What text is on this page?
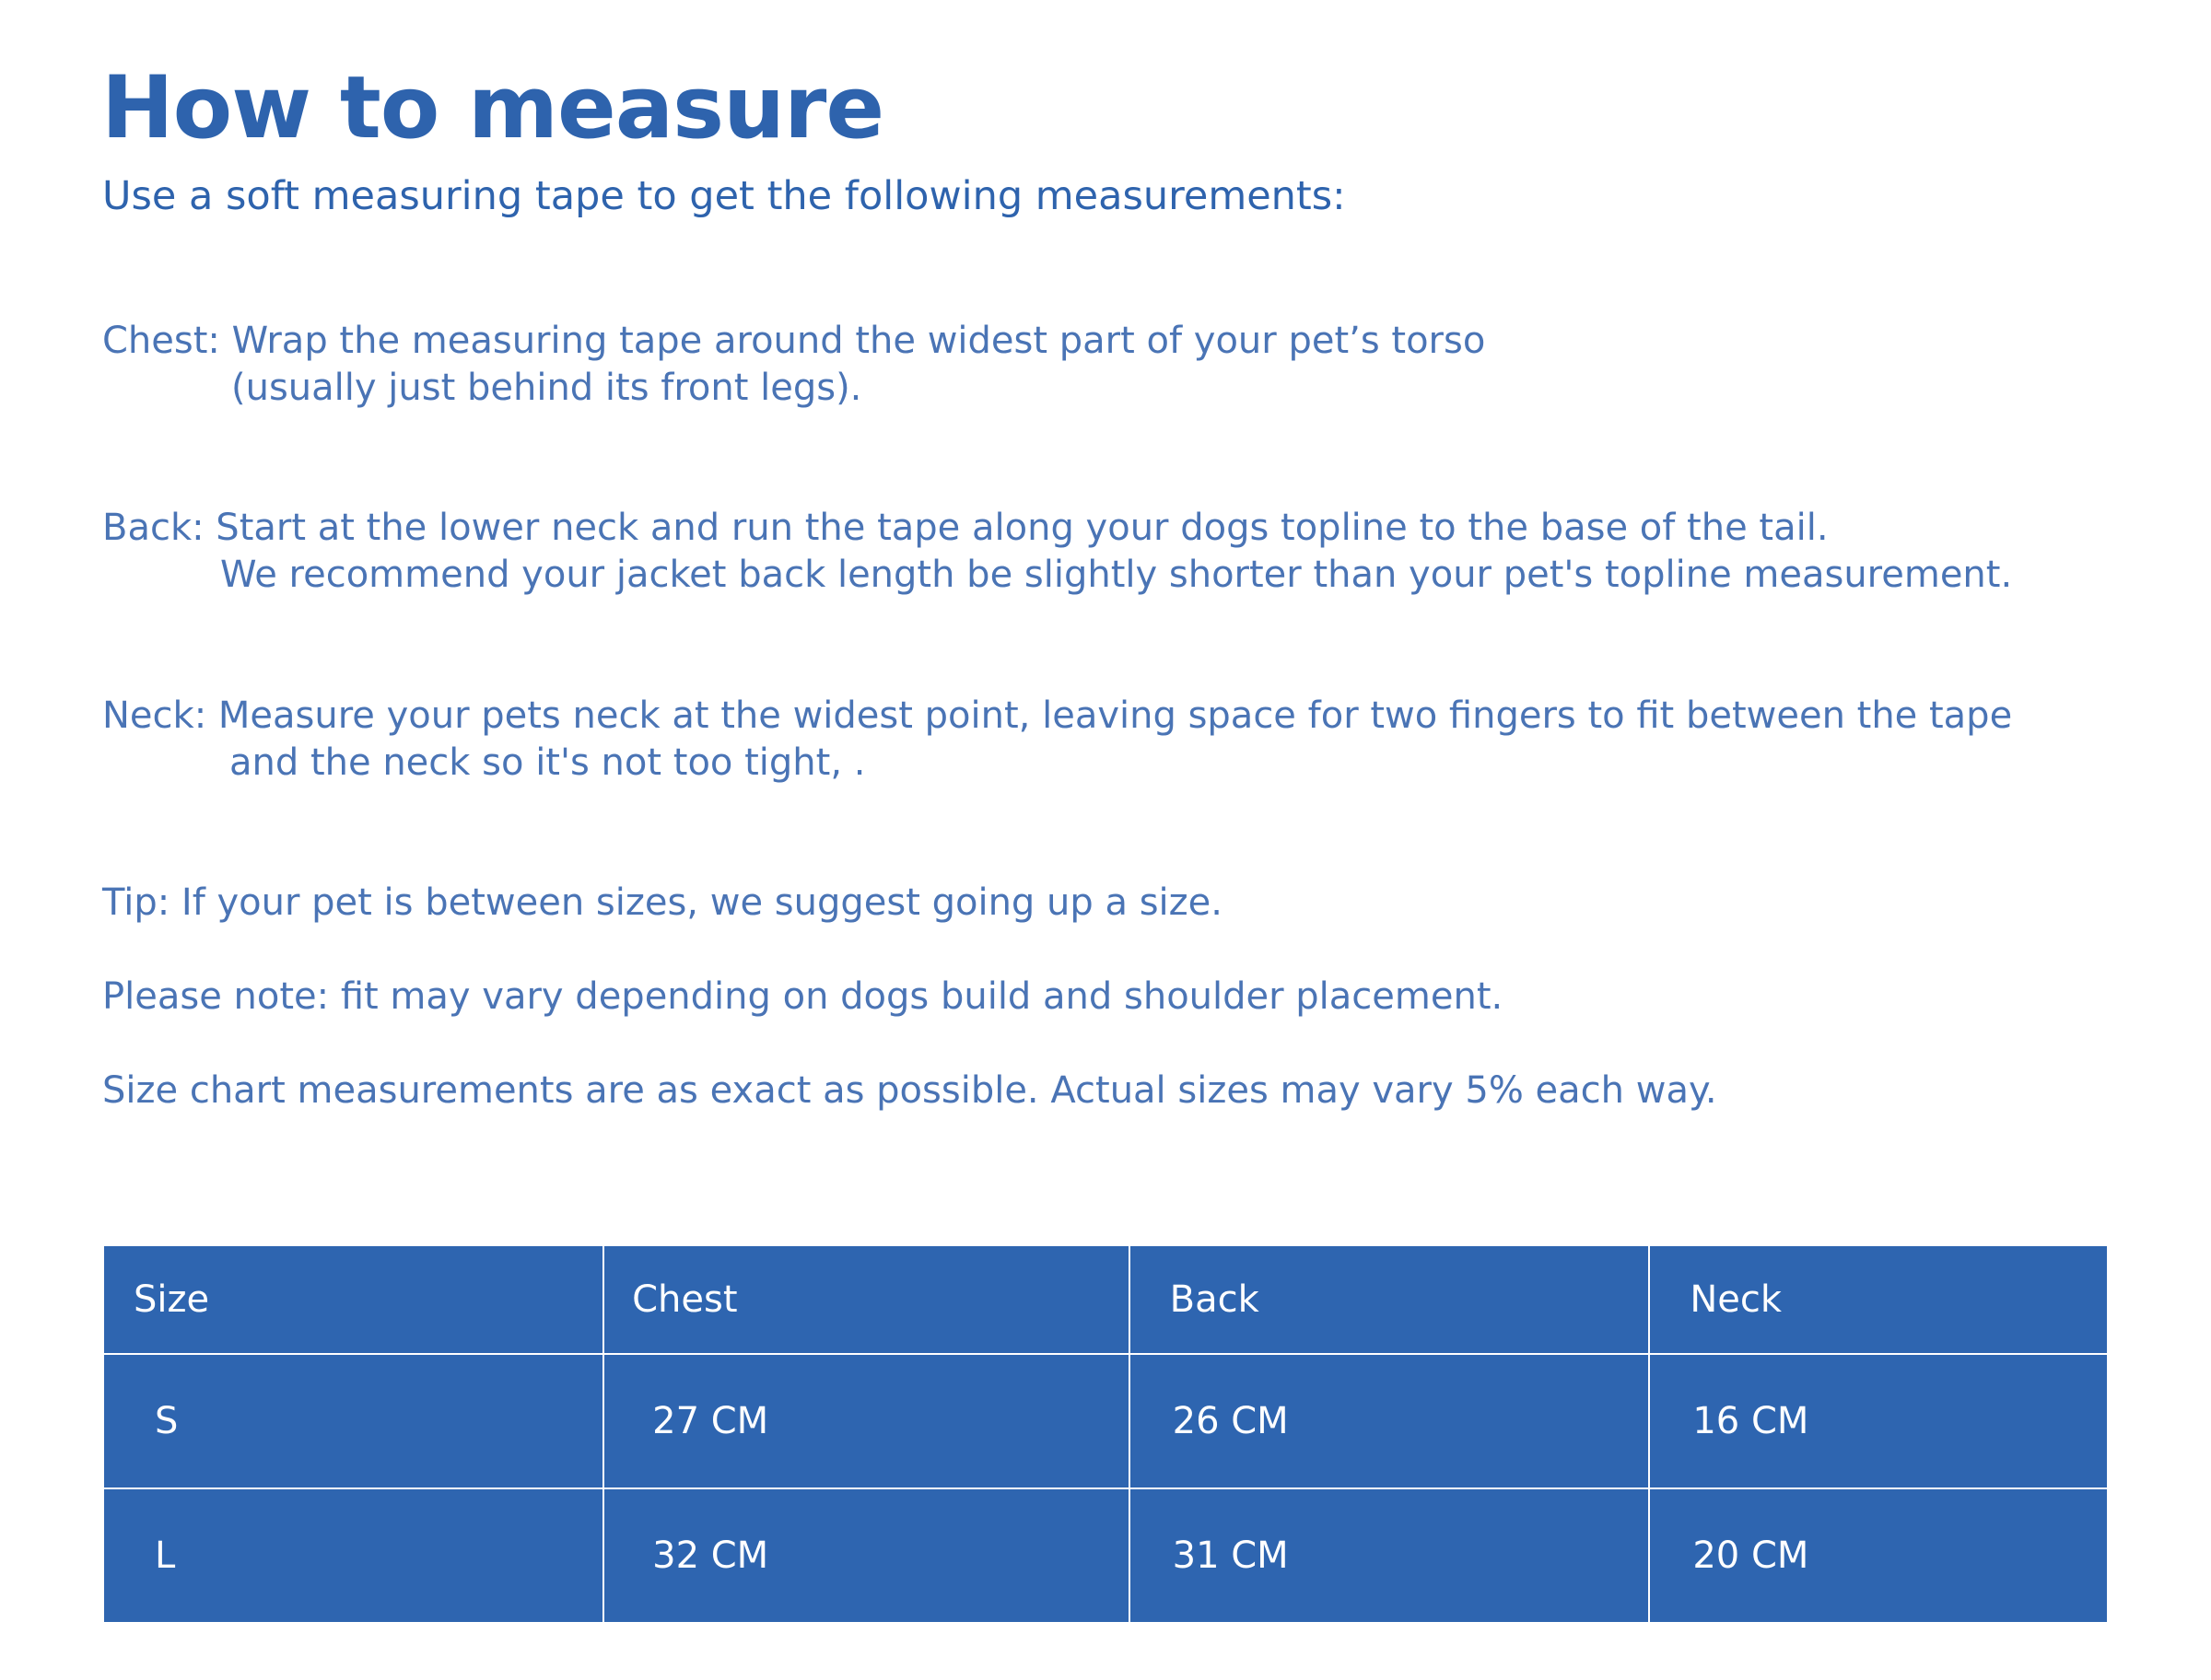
How to measure

Use a soft measuring tape to get the following measurements:

Chest: Wrap the measuring tape around the widest part of your pet’s torso
(usually just behind its front legs).
Back: Start at the lower neck and run the tape along your dogs topline to the base of the tail.
We recommend your jacket back length be slightly shorter than your pet's topline measurement.
Neck: Measure your pets neck at the widest point, leaving space for two fingers to fit between the tape
and the neck so it's not too tight, .
Tip: If your pet is between sizes, we suggest going up a size.
Please note: fit may vary depending on dogs build and shoulder placement.
Size chart measurements are as exact as possible. Actual sizes may vary 5% each way.
Size	Chest	Back	Neck
S	27 CM	26 CM	16 CM
L	32 CM	31 CM	20 CM
